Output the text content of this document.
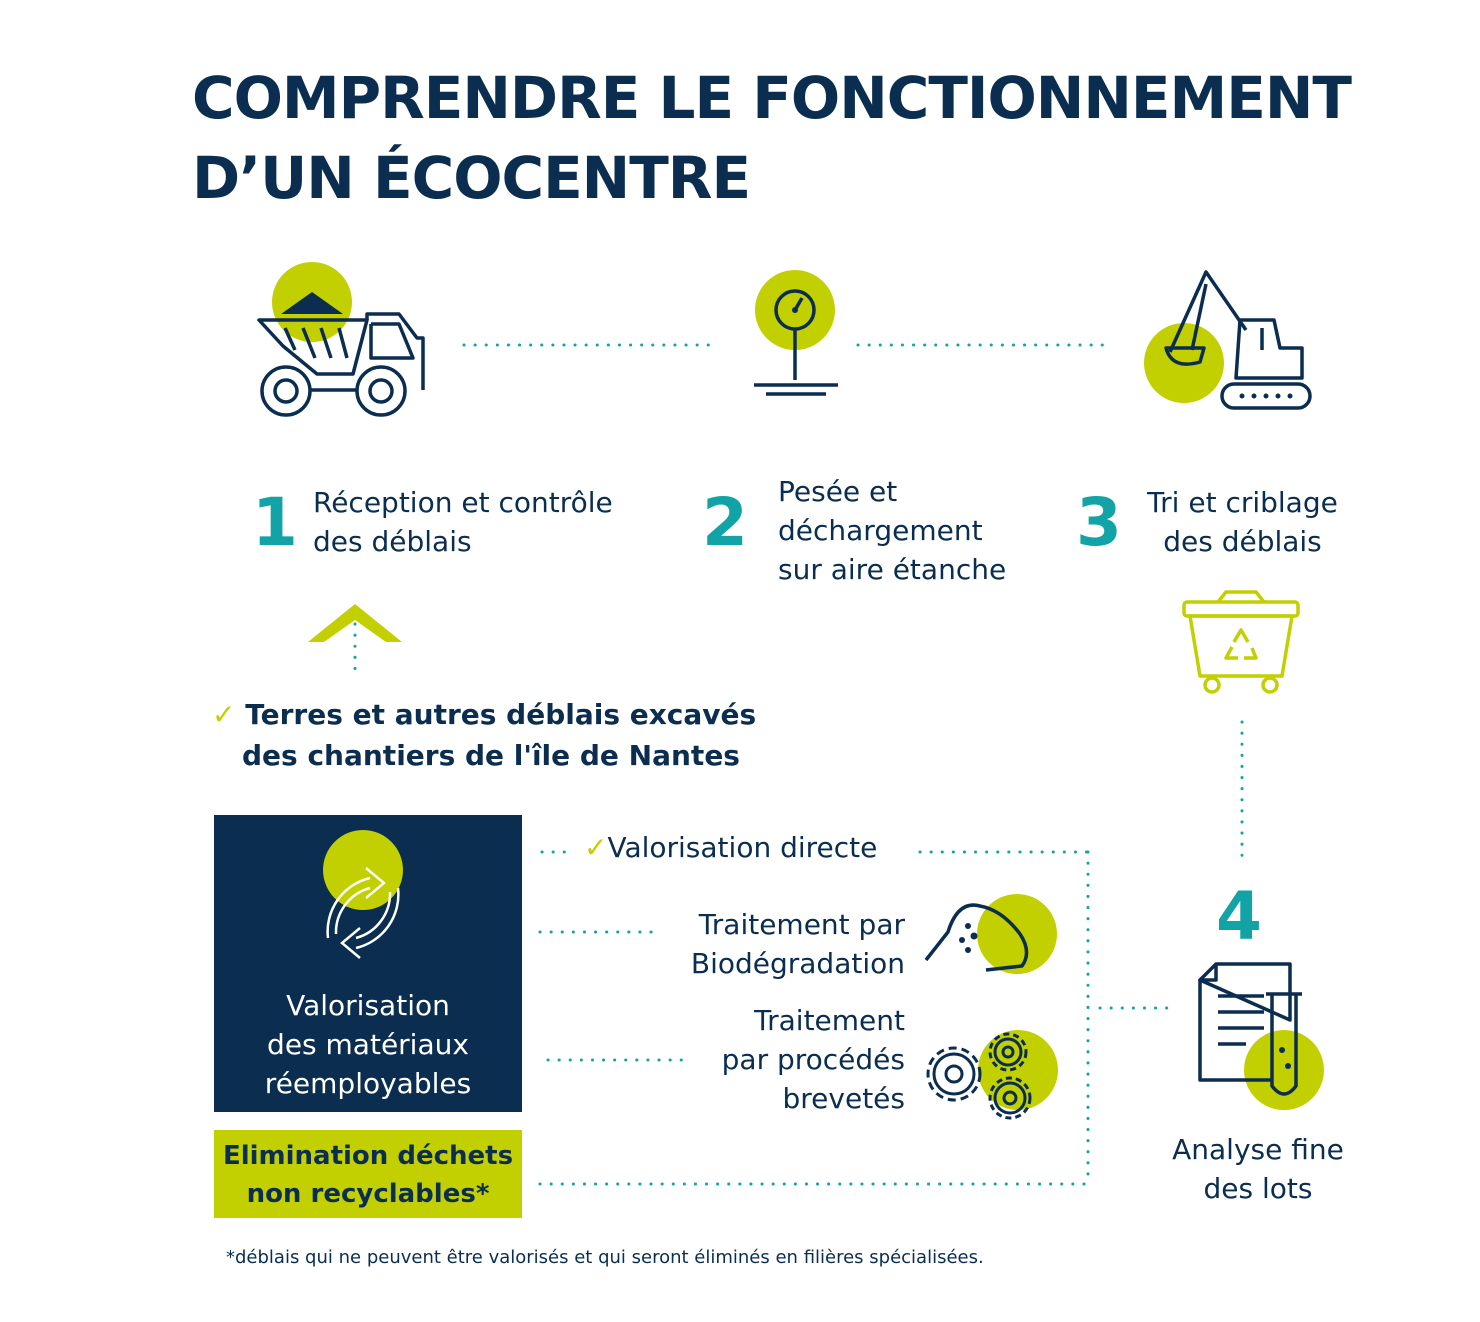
COMPRENDRE LE FONCTIONNEMENT
D’UN ÉCOCENTRE
1 Réception et contrôle
des déblais	2 Pesée et
déchargement
sur aire étanche
3 Tri et criblage
des déblais
✓ Terres et autres déblais excavés
des chantiers de l'île de Nantes
Valorisation
des matériaux
réemployables
Elimination déchets
non recyclables*
✓Valorisation directe
Traitement par
Biodégradation
Traitement
par procédés
brevetés
4
Analyse fine
des lots
*déblais qui ne peuvent être valorisés et qui seront éliminés en filières spécialisées.
